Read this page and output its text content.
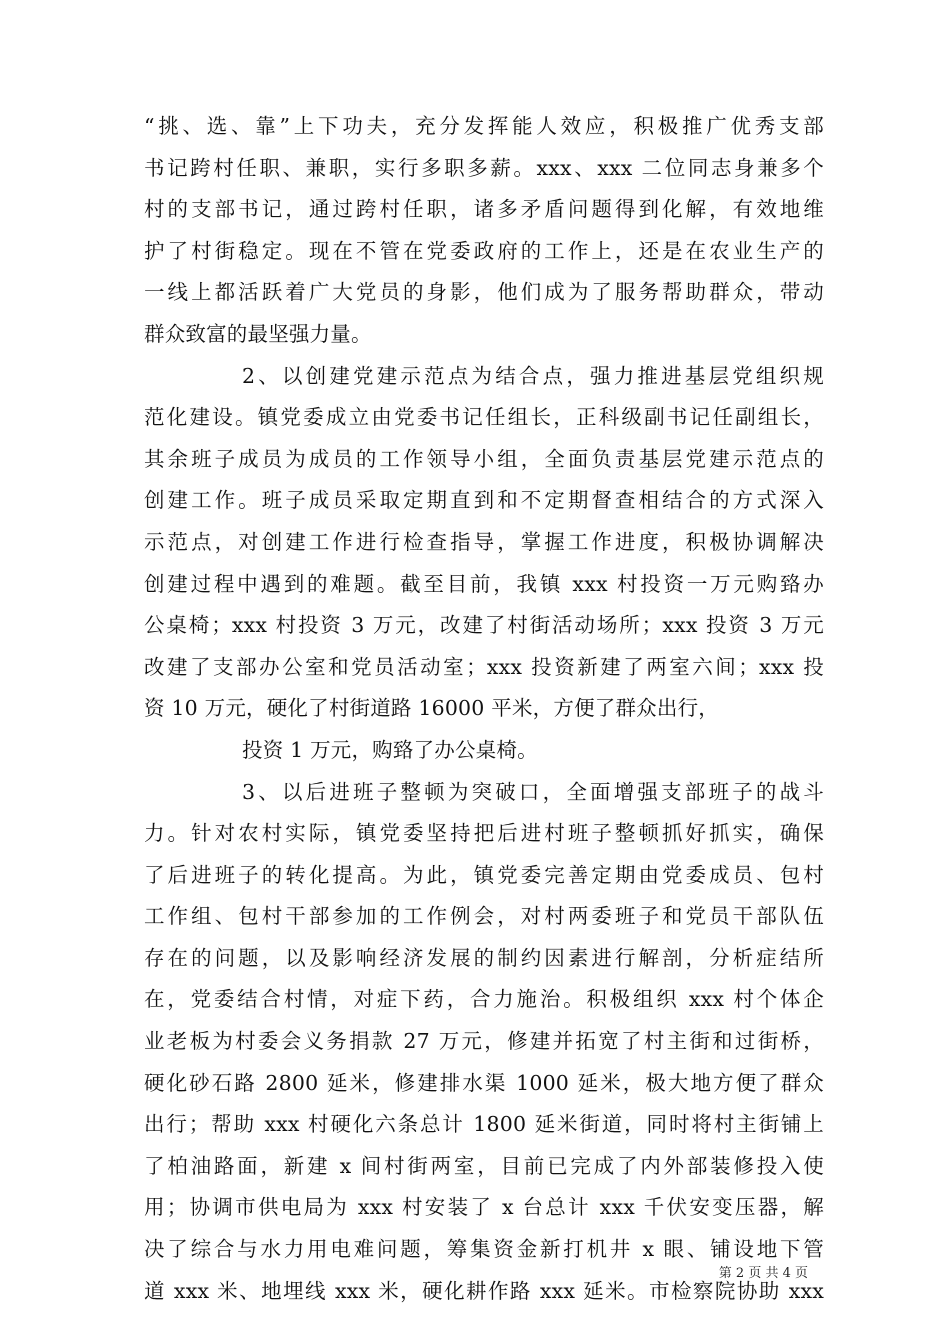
“挑、选、靠”上下功夫，充分发挥能人效应，积极推广优秀支部
书记跨村任职、兼职，实行多职多薪。xxx、xxx 二位同志身兼多个
村的支部书记，通过跨村任职，诸多矛盾问题得到化解，有效地维
护了村街稳定。现在不管在党委政府的工作上，还是在农业生产的
一线上都活跃着广大党员的身影，他们成为了服务帮助群众，带动
群众致富的最坚强力量。

2、以创建党建示范点为结合点，强力推进基层党组织规
范化建设。镇党委成立由党委书记任组长，正科级副书记任副组长，
其余班子成员为成员的工作领导小组，全面负责基层党建示范点的
创建工作。班子成员采取定期直到和不定期督查相结合的方式深入
示范点，对创建工作进行检查指导，掌握工作进度，积极协调解决
创建过程中遇到的难题。截至目前，我镇 xxx 村投资一万元购臵办
公桌椅；xxx 村投资 3 万元，改建了村街活动场所；xxx 投资 3 万元
改建了支部办公室和党员活动室；xxx 投资新建了两室六间；xxx 投
资 10 万元，硬化了村街道路 16000 平米，方便了群众出行，

投资 1 万元，购臵了办公桌椅。

3、以后进班子整顿为突破口，全面增强支部班子的战斗
力。针对农村实际，镇党委坚持把后进村班子整顿抓好抓实，确保
了后进班子的转化提高。为此，镇党委完善定期由党委成员、包村
工作组、包村干部参加的工作例会，对村两委班子和党员干部队伍
存在的问题，以及影响经济发展的制约因素进行解剖，分析症结所
在，党委结合村情，对症下药，合力施治。积极组织 xxx 村个体企
业老板为村委会义务捐款 27 万元，修建并拓宽了村主街和过街桥，
硬化砂石路 2800 延米，修建排水渠 1000 延米，极大地方便了群众
出行；帮助 xxx 村硬化六条总计 1800 延米街道，同时将村主街铺上
了柏油路面，新建 x 间村街两室，目前已完成了内外部装修投入使
用；协调市供电局为 xxx 村安装了 x 台总计 xxx 千伏安变压器，解
决了综合与水力用电难问题，筹集资金新打机井 x 眼、铺设地下管
道 xxx 米、地埋线 xxx 米，硬化耕作路 xxx 延米。市检察院协助 xxx

第 2 页 共 4 页
